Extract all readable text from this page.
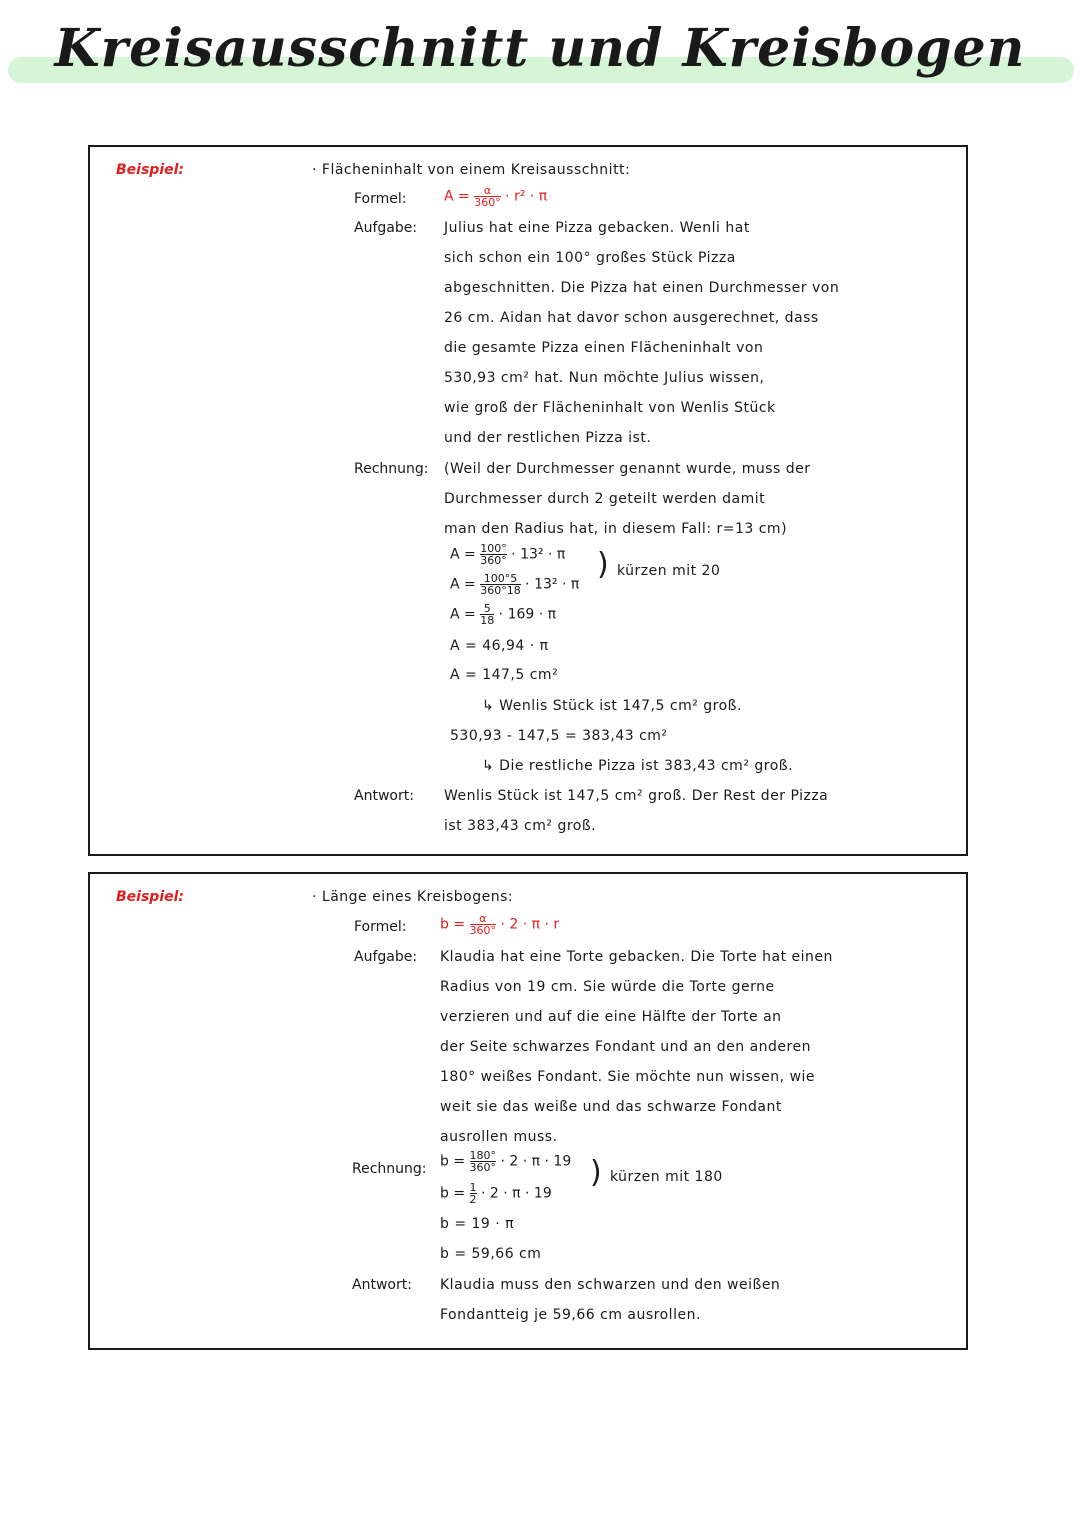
Kreisausschnitt und Kreisbogen
Beispiel:	· Flächeninhalt von einem Kreisausschnitt:
Formel:	$A = \frac{\alpha}{360^\circ} \cdot r^2 \cdot \pi$
Aufgabe: Julius hat eine Pizza gebacken. Wenli hat
sich schon ein 100° großes Stück Pizza
abgeschnitten. Die Pizza hat einen Durchmesser von
26 cm. Aidan hat davor schon ausgerechnet, dass
die gesamte Pizza einen Flächeninhalt von
530,93 cm² hat. Nun möchte Julius wissen,
wie groß der Flächeninhalt von Wenlis Stück
und der restlichen Pizza ist.
Rechnung: (Weil der Durchmesser genannt wurde, muss der
Durchmesser durch 2 geteilt werden damit
man den Radius hat, in diesem Fall: r=13 cm)
$A = \frac{100^\circ}{360^\circ} \cdot 13^2 \cdot \pi$ ) kürzen mit 20
$A = \frac{100^\circ 5}{360^\circ 18} \cdot 13^2 \cdot \pi$
$A = \frac{5}{18} \cdot 169 \cdot \pi$
A = 46,94 · π
A = 147,5 cm²
↳ Wenlis Stück ist 147,5 cm² groß.
530,93 - 147,5 = 383,43 cm²
↳ Die restliche Pizza ist 383,43 cm² groß.
Antwort: Wenlis Stück ist 147,5 cm² groß. Der Rest der Pizza
ist 383,43 cm² groß.
Beispiel:	· Länge eines Kreisbogens:
Formel: $b = \frac{\alpha}{360^\circ} \cdot 2 \cdot \pi \cdot r$
Aufgabe: Klaudia hat eine Torte gebacken. Die Torte hat einen
Radius von 19 cm. Sie würde die Torte gerne
verzieren und auf die eine Hälfte der Torte an
der Seite schwarzes Fondant und an den anderen
180° weißes Fondant. Sie möchte nun wissen, wie
weit sie das weiße und das schwarze Fondant
ausrollen muss.
Rechnung: $b = \frac{180^\circ}{360^\circ} \cdot 2 \cdot \pi \cdot 19$ ) kürzen mit 180
$b = \frac{1}{2} \cdot 2 \cdot \pi \cdot 19$
b = 19 · π
b = 59,66 cm
Antwort: Klaudia muss den schwarzen und den weißen
Fondantteig je 59,66 cm ausrollen.
